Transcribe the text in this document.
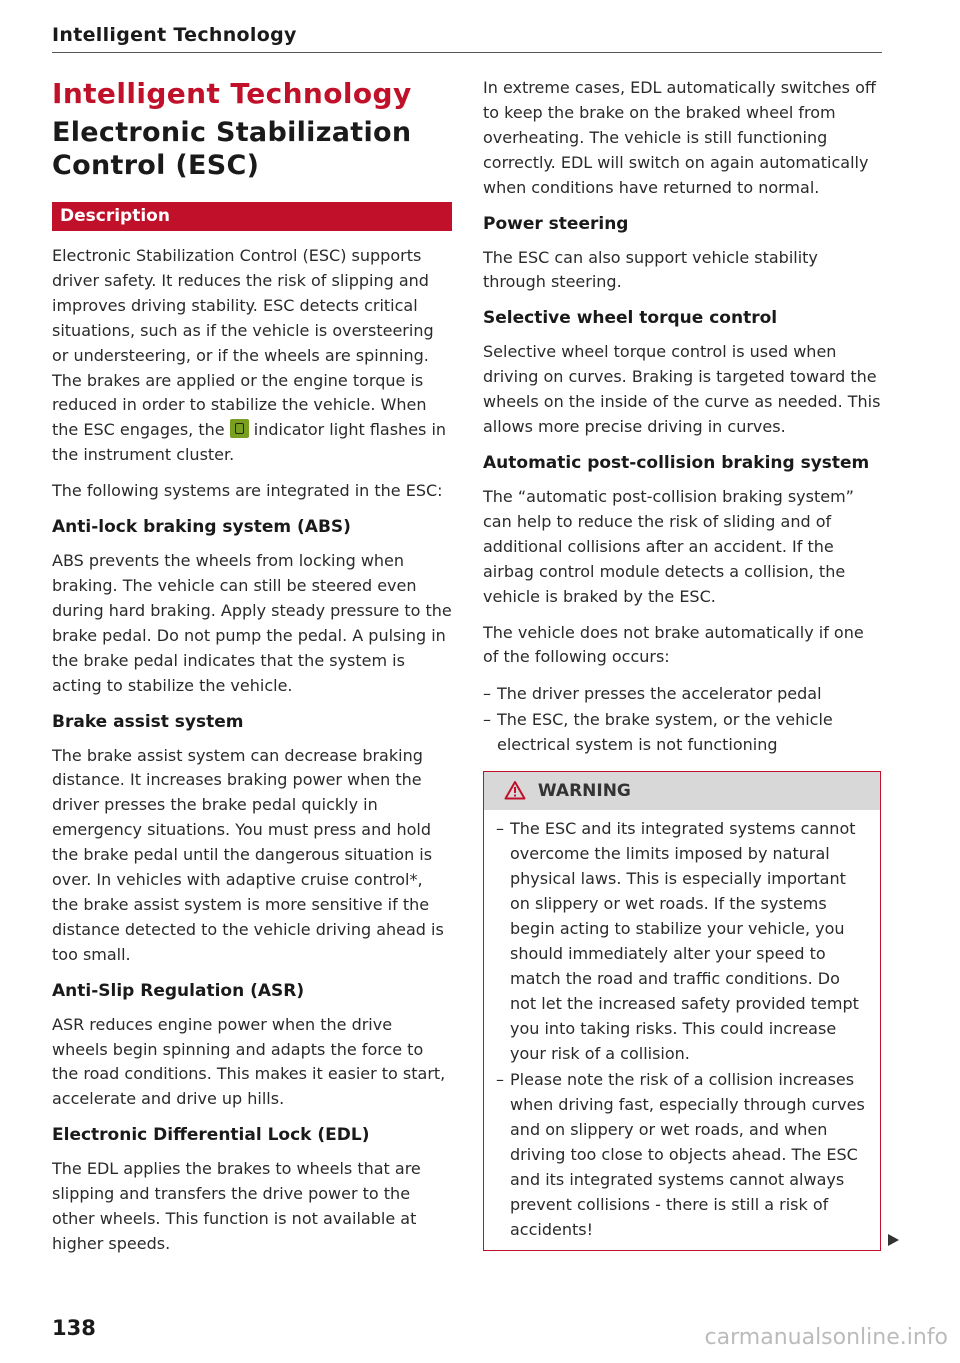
Intelligent Technology
Intelligent Technology
Electronic Stabilization Control (ESC)
Description

Electronic Stabilization Control (ESC) supports driver safety. It reduces the risk of slipping and improves driving stability. ESC detects critical situations, such as if the vehicle is oversteering or understeering, or if the wheels are spinning. The brakes are applied or the engine torque is reduced in order to stabilize the vehicle. When the ESC engages, the indicator light flashes in the instrument cluster.

The following systems are integrated in the ESC:

Anti-lock braking system (ABS)

ABS prevents the wheels from locking when braking. The vehicle can still be steered even during hard braking. Apply steady pressure to the brake pedal. Do not pump the pedal. A pulsing in the brake pedal indicates that the system is acting to stabilize the vehicle.

Brake assist system

The brake assist system can decrease braking distance. It increases braking power when the driver presses the brake pedal quickly in emergency situations. You must press and hold the brake pedal until the dangerous situation is over. In vehicles with adaptive cruise control*, the brake assist system is more sensitive if the distance detected to the vehicle driving ahead is too small.

Anti-Slip Regulation (ASR)

ASR reduces engine power when the drive wheels begin spinning and adapts the force to the road conditions. This makes it easier to start, accelerate and drive up hills.

Electronic Differential Lock (EDL)

The EDL applies the brakes to wheels that are slipping and transfers the drive power to the other wheels. This function is not available at higher speeds.

In extreme cases, EDL automatically switches off to keep the brake on the braked wheel from overheating. The vehicle is still functioning correctly. EDL will switch on again automatically when conditions have returned to normal.

Power steering

The ESC can also support vehicle stability through steering.

Selective wheel torque control

Selective wheel torque control is used when driving on curves. Braking is targeted toward the wheels on the inside of the curve as needed. This allows more precise driving in curves.

Automatic post-collision braking system

The “automatic post-collision braking system” can help to reduce the risk of sliding and of additional collisions after an accident. If the airbag control module detects a collision, the vehicle is braked by the ESC.

The vehicle does not brake automatically if one of the following occurs:

– The driver presses the accelerator pedal
– The ESC, the brake system, or the vehicle electrical system is not functioning
WARNING
– The ESC and its integrated systems cannot overcome the limits imposed by natural physical laws. This is especially important on slippery or wet roads. If the systems begin acting to stabilize your vehicle, you should immediately alter your speed to match the road and traffic conditions. Do not let the increased safety provided tempt you into taking risks. This could increase your risk of a collision.
– Please note the risk of a collision increases when driving fast, especially through curves and on slippery or wet roads, and when driving too close to objects ahead. The ESC and its integrated systems cannot always prevent collisions - there is still a risk of accidents!
138	carmanualsonline.info
